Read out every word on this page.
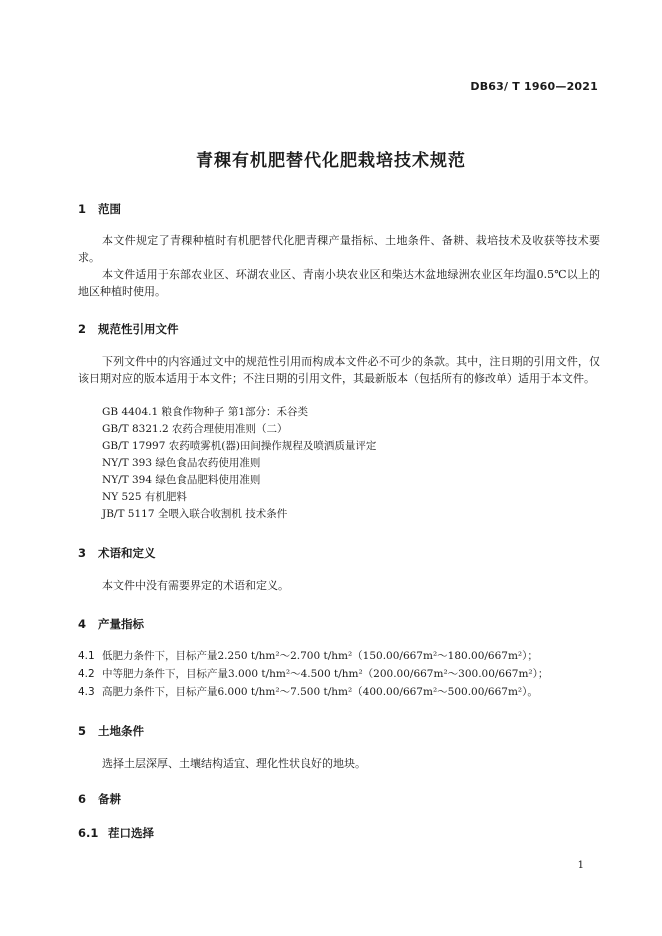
DB63/ T 1960—2021
青稞有机肥替代化肥栽培技术规范
1 范围
本文件规定了青稞种植时有机肥替代化肥青稞产量指标、土地条件、备耕、栽培技术及收获等技术要求。
本文件适用于东部农业区、环湖农业区、青南小块农业区和柴达木盆地绿洲农业区年均温0.5℃以上的地区种植时使用。
2 规范性引用文件
下列文件中的内容通过文中的规范性引用而构成本文件必不可少的条款。其中，注日期的引用文件，仅该日期对应的版本适用于本文件；不注日期的引用文件，其最新版本（包括所有的修改单）适用于本文件。
GB 4404.1 粮食作物种子 第1部分：禾谷类
GB/T 8321.2 农药合理使用准则（二）
GB/T 17997 农药喷雾机(器)田间操作规程及喷洒质量评定
NY/T 393 绿色食品农药使用准则
NY/T 394 绿色食品肥料使用准则
NY 525 有机肥料
JB/T 5117 全喂入联合收割机 技术条件
3 术语和定义
本文件中没有需要界定的术语和定义。
4 产量指标
4.1 低肥力条件下，目标产量2.250 t/hm²～2.700 t/hm²（150.00/667m²～180.00/667m²）；
4.2 中等肥力条件下，目标产量3.000 t/hm²～4.500 t/hm²（200.00/667m²～300.00/667m²）；
4.3 高肥力条件下，目标产量6.000 t/hm²～7.500 t/hm²（400.00/667m²～500.00/667m²）。
5 土地条件
选择土层深厚、土壤结构适宜、理化性状良好的地块。
6 备耕
6.1 茬口选择
1
